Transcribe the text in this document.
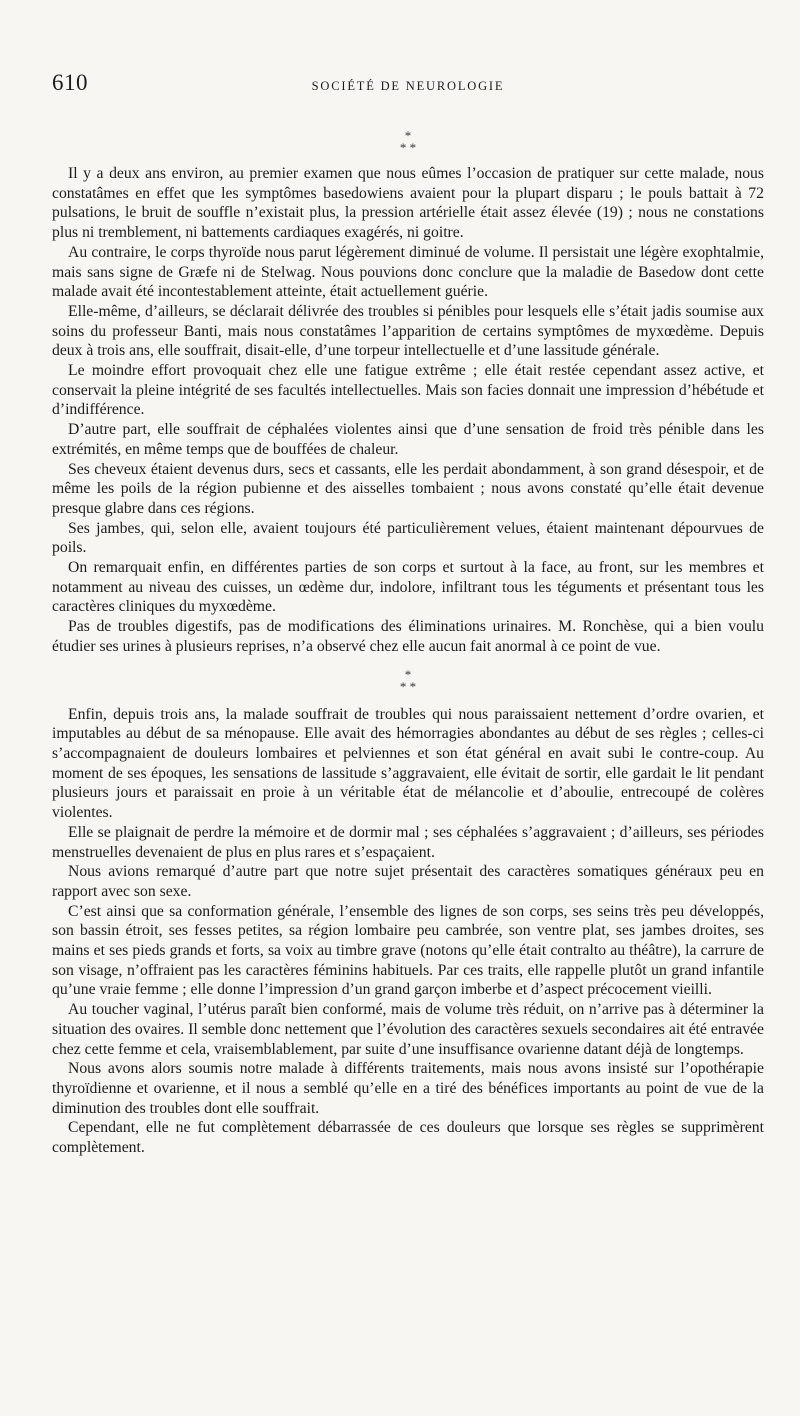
610	SOCIÉTÉ DE NEUROLOGIE
*
* *

Il y a deux ans environ, au premier examen que nous eûmes l’occasion de pratiquer sur cette malade, nous constatâmes en effet que les symptômes basedowiens avaient pour la plupart disparu ; le pouls battait à 72 pulsations, le bruit de souffle n’existait plus, la pression artérielle était assez élevée (19) ; nous ne constations plus ni tremblement, ni battements cardiaques exagérés, ni goitre.

Au contraire, le corps thyroïde nous parut légèrement diminué de volume. Il persistait une légère exophtalmie, mais sans signe de Græfe ni de Stelwag. Nous pouvions donc conclure que la maladie de Basedow dont cette malade avait été incontestablement atteinte, était actuellement guérie.

Elle-même, d’ailleurs, se déclarait délivrée des troubles si pénibles pour lesquels elle s’était jadis soumise aux soins du professeur Banti, mais nous constatâmes l’apparition de certains symptômes de myxœdème. Depuis deux à trois ans, elle souffrait, disait-elle, d’une torpeur intellectuelle et d’une lassitude générale.

Le moindre effort provoquait chez elle une fatigue extrême ; elle était restée cependant assez active, et conservait la pleine intégrité de ses facultés intellectuelles. Mais son facies donnait une impression d’hébétude et d’indifférence.

D’autre part, elle souffrait de céphalées violentes ainsi que d’une sensation de froid très pénible dans les extrémités, en même temps que de bouffées de chaleur.

Ses cheveux étaient devenus durs, secs et cassants, elle les perdait abondamment, à son grand désespoir, et de même les poils de la région pubienne et des aisselles tombaient ; nous avons constaté qu’elle était devenue presque glabre dans ces régions.

Ses jambes, qui, selon elle, avaient toujours été particulièrement velues, étaient maintenant dépourvues de poils.

On remarquait enfin, en différentes parties de son corps et surtout à la face, au front, sur les membres et notamment au niveau des cuisses, un œdème dur, indolore, infiltrant tous les téguments et présentant tous les caractères cliniques du myxœdème.

Pas de troubles digestifs, pas de modifications des éliminations urinaires. M. Ronchèse, qui a bien voulu étudier ses urines à plusieurs reprises, n’a observé chez elle aucun fait anormal à ce point de vue.

*
* *

Enfin, depuis trois ans, la malade souffrait de troubles qui nous paraissaient nettement d’ordre ovarien, et imputables au début de sa ménopause. Elle avait des hémorragies abondantes au début de ses règles ; celles-ci s’accompagnaient de douleurs lombaires et pelviennes et son état général en avait subi le contre-coup. Au moment de ses époques, les sensations de lassitude s’aggravaient, elle évitait de sortir, elle gardait le lit pendant plusieurs jours et paraissait en proie à un véritable état de mélancolie et d’aboulie, entrecoupé de colères violentes.

Elle se plaignait de perdre la mémoire et de dormir mal ; ses céphalées s’aggravaient ; d’ailleurs, ses périodes menstruelles devenaient de plus en plus rares et s’espaçaient.

Nous avions remarqué d’autre part que notre sujet présentait des caractères somatiques généraux peu en rapport avec son sexe.

C’est ainsi que sa conformation générale, l’ensemble des lignes de son corps, ses seins très peu développés, son bassin étroit, ses fesses petites, sa région lombaire peu cambrée, son ventre plat, ses jambes droites, ses mains et ses pieds grands et forts, sa voix au timbre grave (notons qu’elle était contralto au théâtre), la carrure de son visage, n’offraient pas les caractères féminins habituels. Par ces traits, elle rappelle plutôt un grand infantile qu’une vraie femme ; elle donne l’impression d’un grand garçon imberbe et d’aspect précocement vieilli.

Au toucher vaginal, l’utérus paraît bien conformé, mais de volume très réduit, on n’arrive pas à déterminer la situation des ovaires. Il semble donc nettement que l’évolution des caractères sexuels secondaires ait été entravée chez cette femme et cela, vraisemblablement, par suite d’une insuffisance ovarienne datant déjà de longtemps.

Nous avons alors soumis notre malade à différents traitements, mais nous avons insisté sur l’opothérapie thyroïdienne et ovarienne, et il nous a semblé qu’elle en a tiré des bénéfices importants au point de vue de la diminution des troubles dont elle souffrait.

Cependant, elle ne fut complètement débarrassée de ces douleurs que lorsque ses règles se supprimèrent complètement.
